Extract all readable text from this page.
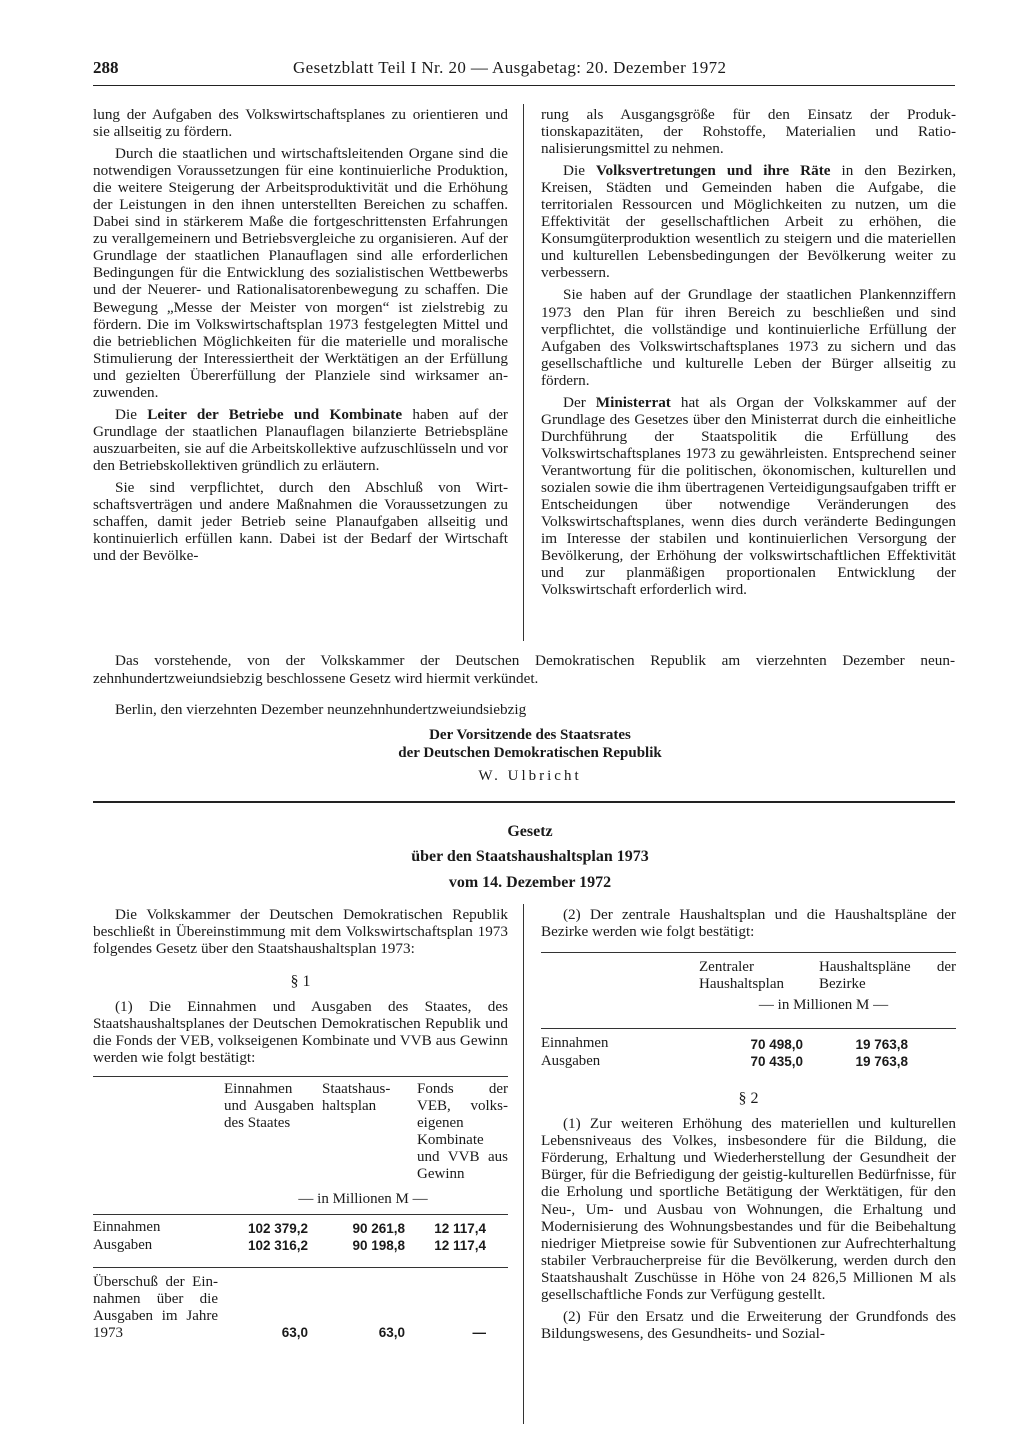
288	Gesetzblatt Teil I Nr. 20 — Ausgabetag: 20. Dezember 1972

lung der Aufgaben des Volkswirtschaftsplanes zu orientieren und sie allseitig zu fördern.

Durch die staatlichen und wirtschaftsleitenden Organe sind die notwendigen Voraussetzungen für eine kontinuierliche Produktion, die weitere Steigerung der Arbeitsproduktivität und die Erhöhung der Leistungen in den ihnen unterstellten Bereichen zu schaffen. Dabei sind in stärkerem Maße die fortgeschrittensten Erfahrungen zu verallgemeinern und Betriebsvergleiche zu organisieren. Auf der Grundlage der staatlichen Planauflagen sind alle erforderlichen Bedingungen für die Entwicklung des sozialistischen Wettbewerbs und der Neuerer- und Rationalisatorenbewegung zu schaffen. Die Bewegung „Messe der Meister von morgen“ ist zielstrebig zu fördern. Die im Volkswirtschaftsplan 1973 festgelegten Mittel und die betrieblichen Möglichkeiten für die materielle und moralische Stimulierung der Interessiertheit der Werktätigen an der Erfüllung und gezielten Übererfüllung der Planziele sind wirksamer anzuwenden.

Die Leiter der Betriebe und Kombinate haben auf der Grundlage der staatlichen Planauflagen bilanzierte Betriebspläne auszuarbeiten, sie auf die Arbeitskollektive aufzuschlüsseln und vor den Betriebskollektiven gründlich zu erläutern.

Sie sind verpflichtet, durch den Abschluß von Wirtschaftsverträgen und andere Maßnahmen die Voraussetzungen zu schaffen, damit jeder Betrieb seine Planaufgaben allseitig und kontinuierlich erfüllen kann. Dabei ist der Bedarf der Wirtschaft und der Bevölke-

rung als Ausgangsgröße für den Einsatz der Produktionskapazitäten, der Rohstoffe, Materialien und Rationalisierungsmittel zu nehmen.

Die Volksvertretungen und ihre Räte in den Bezirken, Kreisen, Städten und Gemeinden haben die Aufgabe, die territorialen Ressourcen und Möglichkeiten zu nutzen, um die Effektivität der gesellschaftlichen Arbeit zu erhöhen, die Konsumgüterproduktion wesentlich zu steigern und die materiellen und kulturellen Lebensbedingungen der Bevölkerung weiter zu verbessern.

Sie haben auf der Grundlage der staatlichen Plankennziffern 1973 den Plan für ihren Bereich zu beschließen und sind verpflichtet, die vollständige und kontinuierliche Erfüllung der Aufgaben des Volkswirtschaftsplanes 1973 zu sichern und das gesellschaftliche und kulturelle Leben der Bürger allseitig zu fördern.

Der Ministerrat hat als Organ der Volkskammer auf der Grundlage des Gesetzes über den Ministerrat durch die einheitliche Durchführung der Staatspolitik die Erfüllung des Volkswirtschaftsplanes 1973 zu gewährleisten. Entsprechend seiner Verantwortung für die politischen, ökonomischen, kulturellen und sozialen sowie die ihm übertragenen Verteidigungsaufgaben trifft er Entscheidungen über notwendige Veränderungen des Volkswirtschaftsplanes, wenn dies durch veränderte Bedingungen im Interesse der stabilen und kontinuierlichen Versorgung der Bevölkerung, der Erhöhung der volkswirtschaftlichen Effektivität und zur planmäßigen proportionalen Entwicklung der Volkswirtschaft erforderlich wird.

Das vorstehende, von der Volkskammer der Deutschen Demokratischen Republik am vierzehnten Dezember neunzehnhundertzweiundsiebzig beschlossene Gesetz wird hiermit verkündet.

Berlin, den vierzehnten Dezember neunzehnhundertzweiundsiebzig
Der Vorsitzende des Staatsrates
der Deutschen Demokratischen Republik
W. Ulbricht
Gesetz
über den Staatshaushaltsplan 1973
vom 14. Dezember 1972

Die Volkskammer der Deutschen Demokratischen Republik beschließt in Übereinstimmung mit dem Volkswirtschaftsplan 1973 folgendes Gesetz über den Staatshaushaltsplan 1973:

§ 1

(1) Die Einnahmen und Ausgaben des Staates, des Staatshaushaltsplanes der Deutschen Demokratischen Republik und die Fonds der VEB, volkseigenen Kombinate und VVB aus Gewinn werden wie folgt bestätigt:

	Einnahmen und Ausgaben des Staates	Staatshaushaltsplan	Fonds der VEB, volkseigenen Kombinate und VVB aus Gewinn
	— in Millionen M —		
Einnahmen	102 379,2	90 261,8	12 117,4
Ausgaben	102 316,2	90 198,8	12 117,4

Überschuß der Einnahmen über die Ausgaben im Jahre 1973	63,0	63,0	—

(2) Der zentrale Haushaltsplan und die Haushaltspläne der Bezirke werden wie folgt bestätigt:

	Zentraler Haushaltsplan	Haushaltspläne der Bezirke
	— in Millionen M —	
Einnahmen	70 498,0	19 763,8
Ausgaben	70 435,0	19 763,8
§ 2

(1) Zur weiteren Erhöhung des materiellen und kulturellen Lebensniveaus des Volkes, insbesondere für die Bildung, die Förderung, Erhaltung und Wiederherstellung der Gesundheit der Bürger, für die Befriedigung der geistig-kulturellen Bedürfnisse, für die Erholung und sportliche Betätigung der Werktätigen, für den Neu-, Um- und Ausbau von Wohnungen, die Erhaltung und Modernisierung des Wohnungsbestandes und für die Beibehaltung niedriger Mietpreise sowie für Subventionen zur Aufrechterhaltung stabiler Verbraucherpreise für die Bevölkerung, werden durch den Staatshaushalt Zuschüsse in Höhe von 24 826,5 Millionen M als gesellschaftliche Fonds zur Verfügung gestellt.

(2) Für den Ersatz und die Erweiterung der Grundfonds des Bildungswesens, des Gesundheits- und Sozial-
